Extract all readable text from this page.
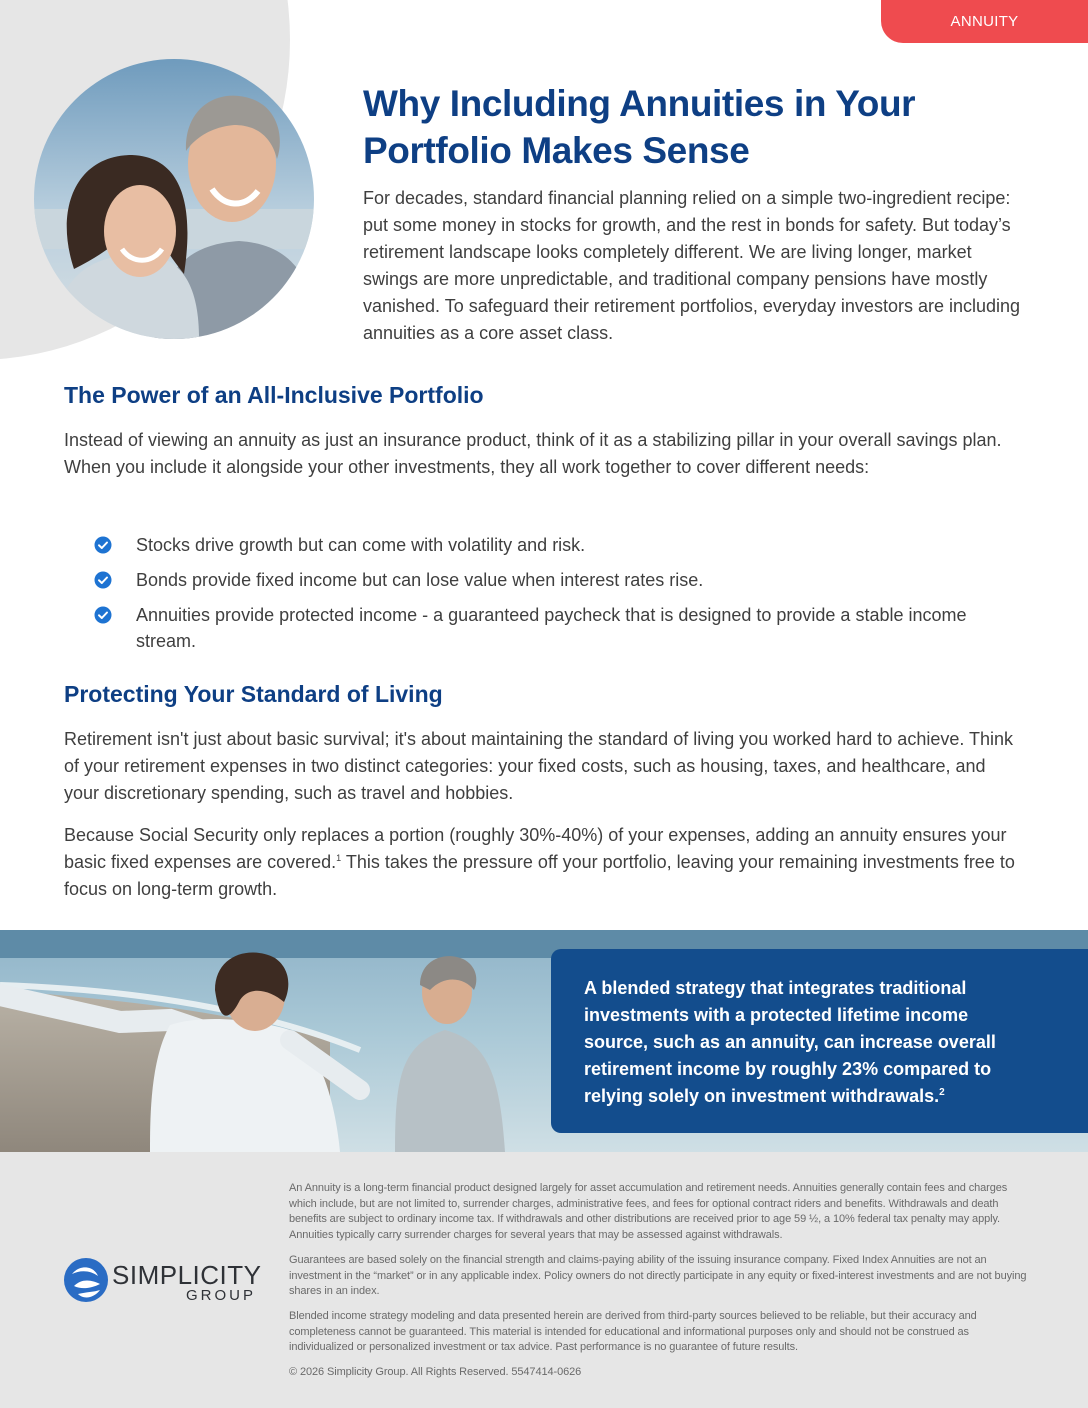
ANNUITY
Why Including Annuities in Your
Portfolio Makes Sense

For decades, standard financial planning relied on a simple two-ingredient recipe: put some money in stocks for growth, and the rest in bonds for safety. But today’s retirement landscape looks completely different. We are living longer, market swings are more unpredictable, and traditional company pensions have mostly vanished. To safeguard their retirement portfolios, everyday investors are including annuities as a core asset class.

The Power of an All-Inclusive Portfolio

Instead of viewing an annuity as just an insurance product, think of it as a stabilizing pillar in your overall savings plan. When you include it alongside your other investments, they all work together to cover different needs:

Stocks drive growth but can come with volatility and risk.
Bonds provide fixed income but can lose value when interest rates rise.
Annuities provide protected income - a guaranteed paycheck that is designed to provide a stable income stream.
Protecting Your Standard of Living

Retirement isn't just about basic survival; it's about maintaining the standard of living you worked hard to achieve. Think of your retirement expenses in two distinct categories: your fixed costs, such as housing, taxes, and healthcare, and your discretionary spending, such as travel and hobbies.

Because Social Security only replaces a portion (roughly 30%-40%) of your expenses, adding an annuity ensures your basic fixed expenses are covered.$^1$ This takes the pressure off your portfolio, leaving your remaining investments free to focus on long-term growth.

A blended strategy that integrates traditional investments with a protected lifetime income source, such as an annuity, can increase overall retirement income by roughly 23% compared to relying solely on investment withdrawals.$^2$
SIMPLICITY
GROUP

An Annuity is a long-term financial product designed largely for asset accumulation and retirement needs. Annuities generally contain fees and charges which include, but are not limited to, surrender charges, administrative fees, and fees for optional contract riders and benefits. Withdrawals and death benefits are subject to ordinary income tax. If withdrawals and other distributions are received prior to age 59 ½, a 10% federal tax penalty may apply. Annuities typically carry surrender charges for several years that may be assessed against withdrawals.

Guarantees are based solely on the financial strength and claims-paying ability of the issuing insurance company. Fixed Index Annuities are not an investment in the “market” or in any applicable index. Policy owners do not directly participate in any equity or fixed-interest investments and are not buying shares in an index.

Blended income strategy modeling and data presented herein are derived from third-party sources believed to be reliable, but their accuracy and completeness cannot be guaranteed. This material is intended for educational and informational purposes only and should not be construed as individualized or personalized investment or tax advice. Past performance is no guarantee of future results.

© 2026 Simplicity Group. All Rights Reserved. 5547414-0626
